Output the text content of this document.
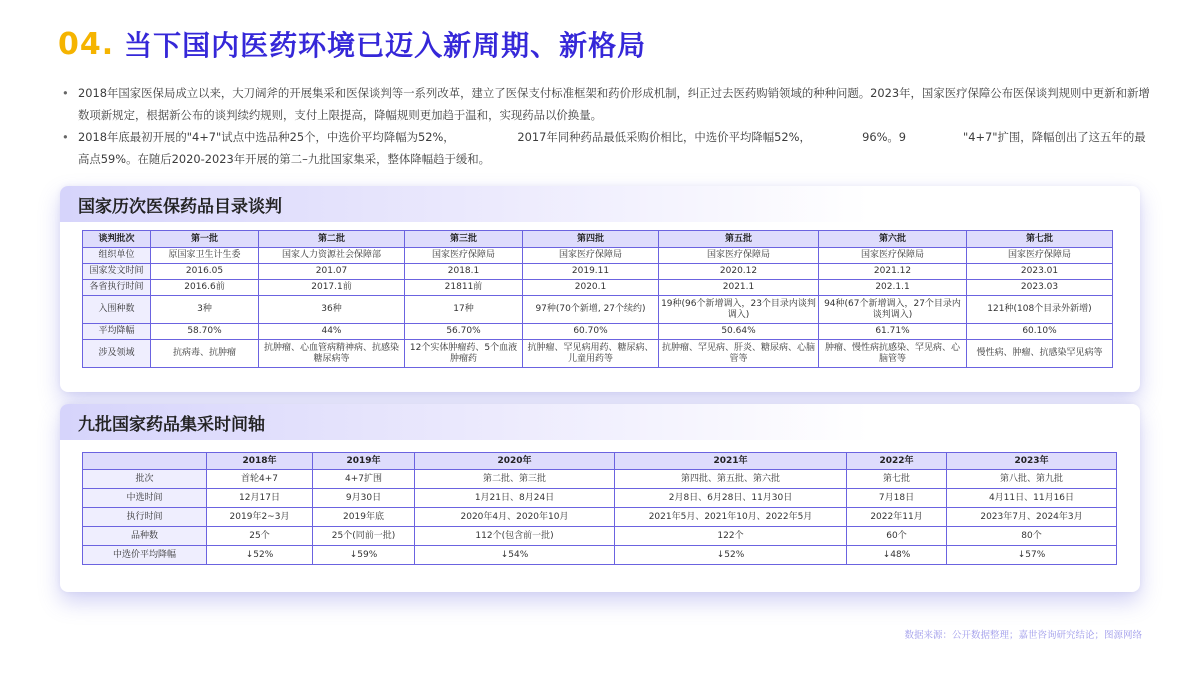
04. 当下国内医药环境已迈入新周期、新格局
• 2018年国家医保局成立以来，大刀阔斧的开展集采和医保谈判等一系列改革，建立了医保支付标准框架和药价形成机制，纠正过去医药购销领域的种种问题。2023年，国家医疗保障公布医保谈判规则中更新和新增数项新规定，根据新公布的谈判续约规则，支付上限提高，降幅规则更加趋于温和，实现药品以价换量。
• 2018年底最初开展的"4+7"试点中选品种25个，中选价平均降幅为52%，　　　　　　2017年同种药品最低采购价相比，中选价平均降幅52%，　　　　　96%。9　　　　　"4+7"扩围，降幅创出了这五年的最高点59%。在随后2020-2023年开展的第二–九批国家集采，整体降幅趋于缓和。
国家历次医保药品目录谈判
谈判批次	第一批	第二批	第三批	第四批	第五批	第六批	第七批
组织单位	原国家卫生计生委	国家人力资源社会保障部	国家医疗保障局	国家医疗保障局	国家医疗保障局	国家医疗保障局	国家医疗保障局
国家发文时间	2016.05	201.07	2018.1	2019.11	2020.12	2021.12	2023.01
各省执行时间	2016.6前	2017.1前	21811前	2020.1	2021.1	202.1.1	2023.03
入围种数	3种	36种	17种	97种(70个新增, 27个续约)	19种(96个新增调入，23个目录内谈判调入)	94种(67个新增调入，27个目录内谈判调入)	121种(108个目录外新增)
平均降幅	58.70%	44%	56.70%	60.70%	50.64%	61.71%	60.10%
涉及领域	抗病毒、抗肿瘤	抗肿瘤、心血管病精神病、抗感染糖尿病等	12个实体肿瘤药、5个血液肿瘤药	抗肿瘤、罕见病用药、糖尿病、儿童用药等	抗肿瘤、罕见病、肝炎、糖尿病、心脑管等	肿瘤、慢性病抗感染、罕见病、心脑管等	慢性病、肿瘤、抗感染罕见病等
九批国家药品集采时间轴
	2018年	2019年	2020年	2021年	2022年	2023年
批次	首轮4+7	4+7扩围	第二批、第三批	第四批、第五批、第六批	第七批	第八批、第九批
中选时间	12月17日	9月30日	1月21日、8月24日	2月8日、6月28日、11月30日	7月18日	4月11日、11月16日
执行时间	2019年2~3月	2019年底	2020年4月、2020年10月	2021年5月、2021年10月、2022年5月	2022年11月	2023年7月、2024年3月
品种数	25个	25个(同前一批)	112个(包含前一批)	122个	60个	80个
中选价平均降幅	↓52%	↓59%	↓54%	↓52%	↓48%	↓57%
数据来源：公开数据整理；嘉世咨询研究结论；图源网络
